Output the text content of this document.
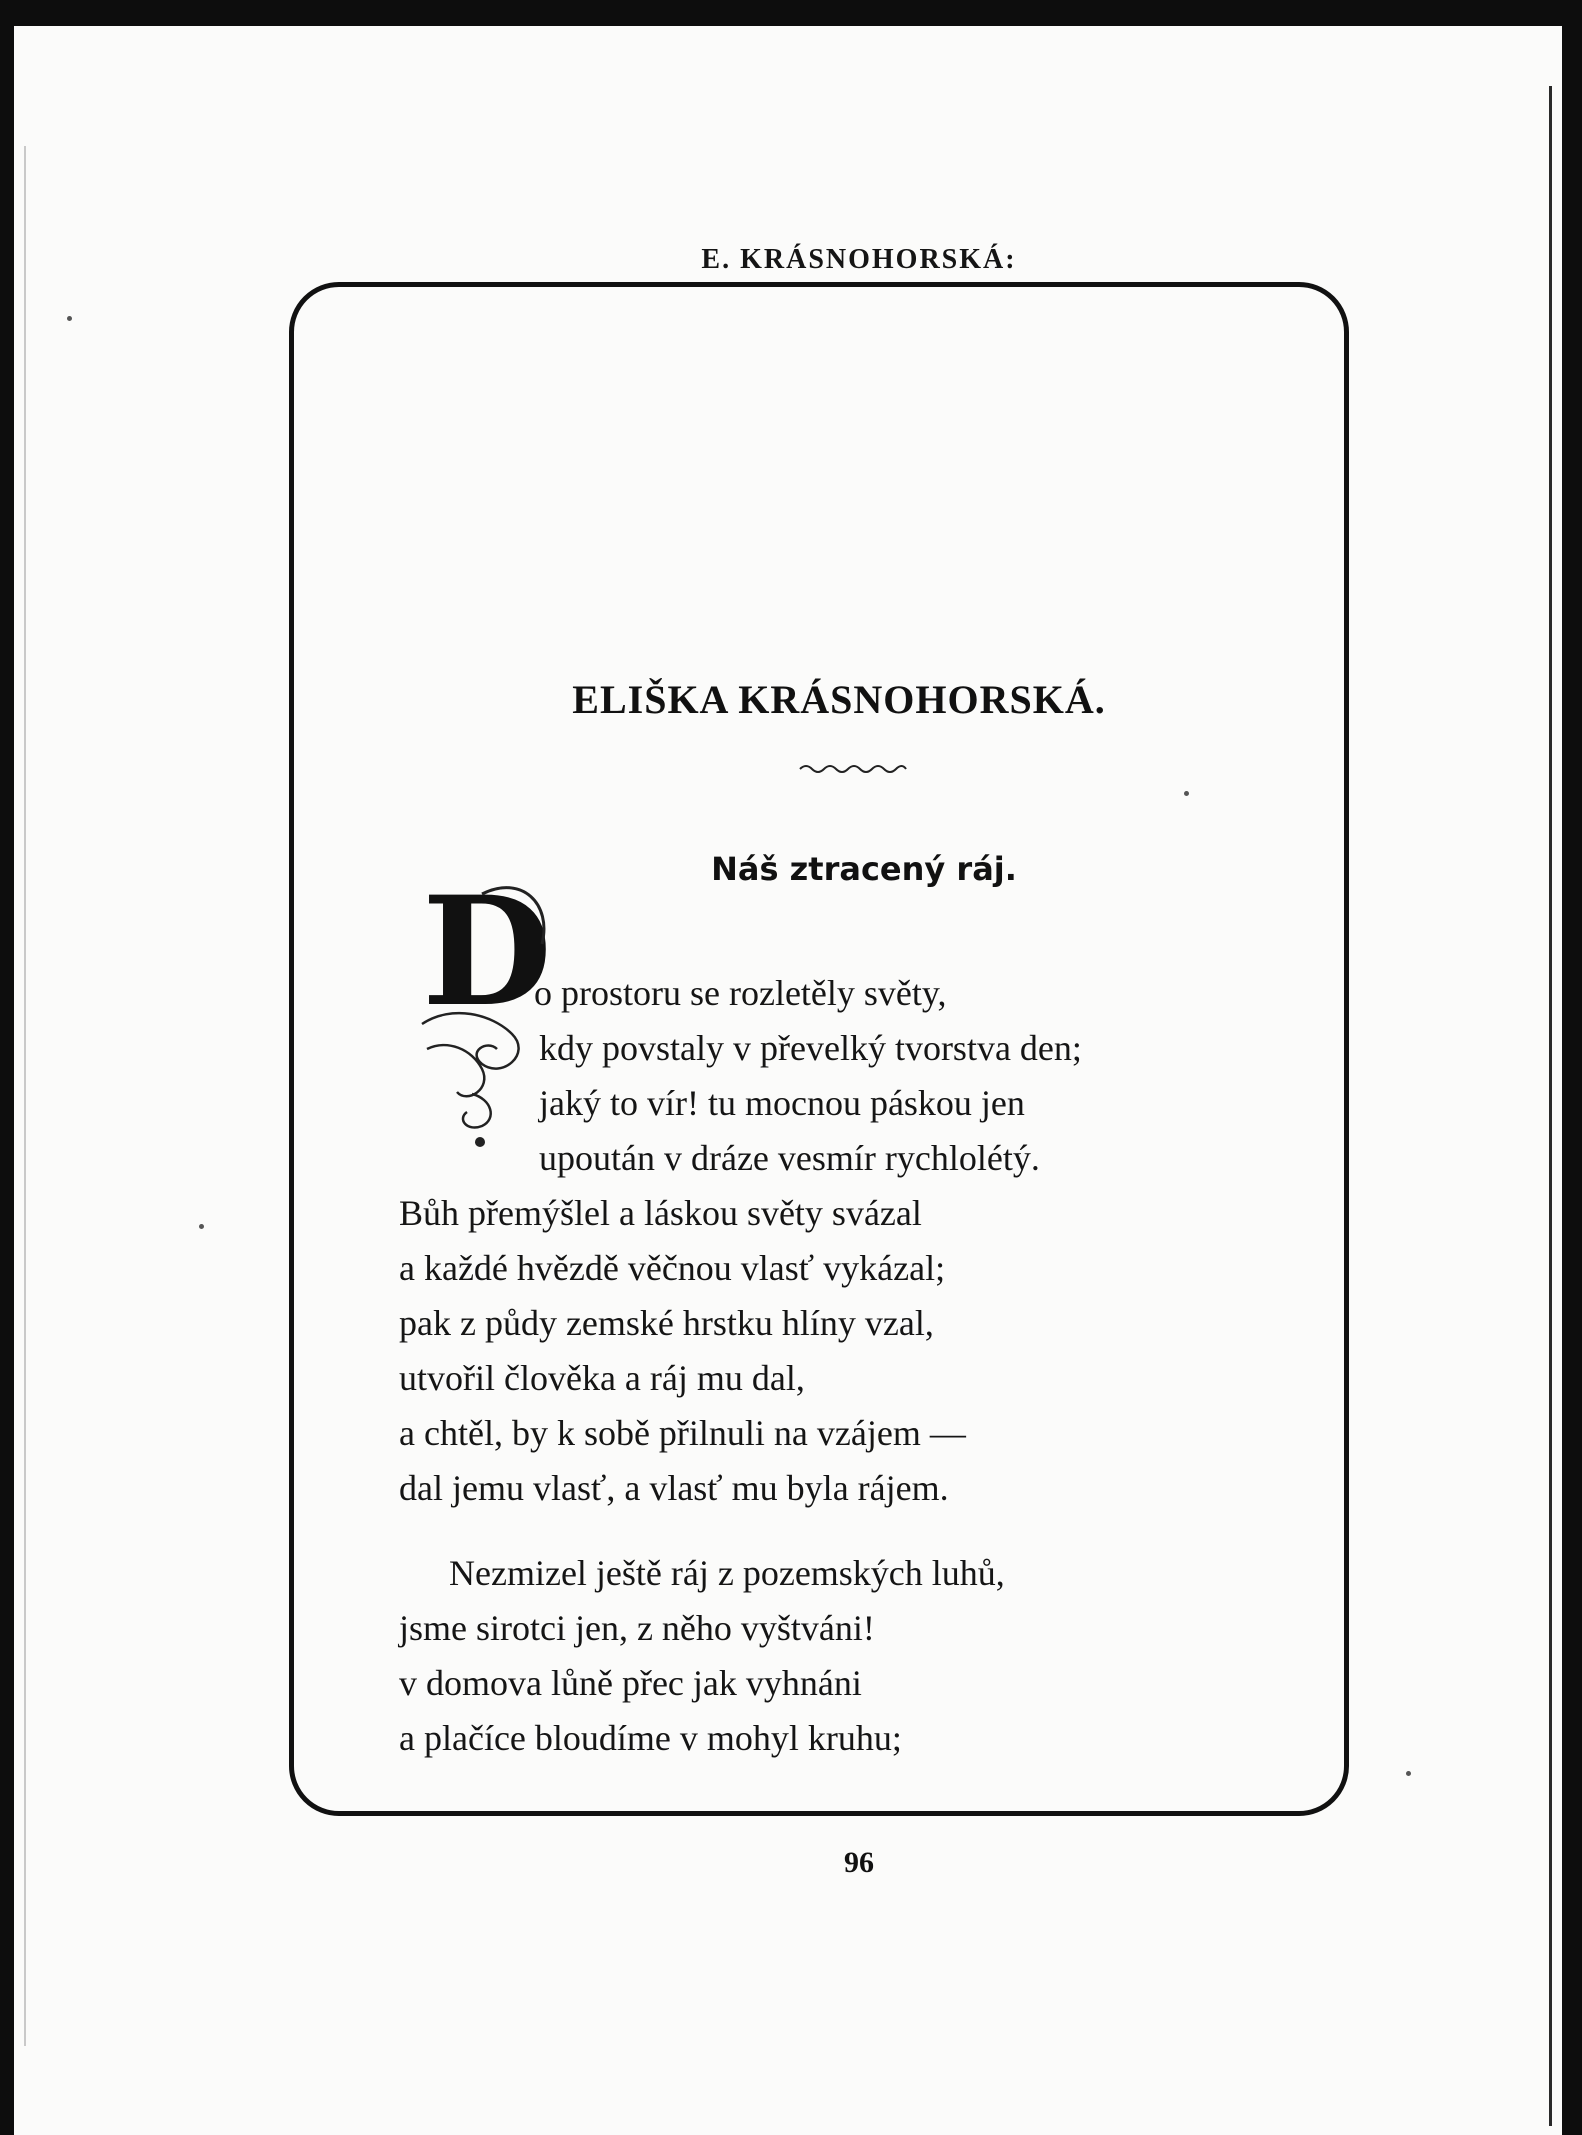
E. KRÁSNOHORSKÁ:
ELIŠKA KRÁSNOHORSKÁ.
Náš ztracený ráj.
D
o prostoru se rozletěly světy,
kdy povstaly v převelký tvorstva den;
jaký to vír! tu mocnou páskou jen
upoután v dráze vesmír rychlolétý.
Bůh přemýšlel a láskou světy svázal
a každé hvězdě věčnou vlasť vykázal;
pak z půdy zemské hrstku hlíny vzal,
utvořil člověka a ráj mu dal,
a chtěl, by k sobě přilnuli na vzájem —
dal jemu vlasť, a vlasť mu byla rájem.
Nezmizel ještě ráj z pozemských luhů,
jsme sirotci jen, z něho vyštváni!
v domova lůně přec jak vyhnáni
a plačíce bloudíme v mohyl kruhu;
96
